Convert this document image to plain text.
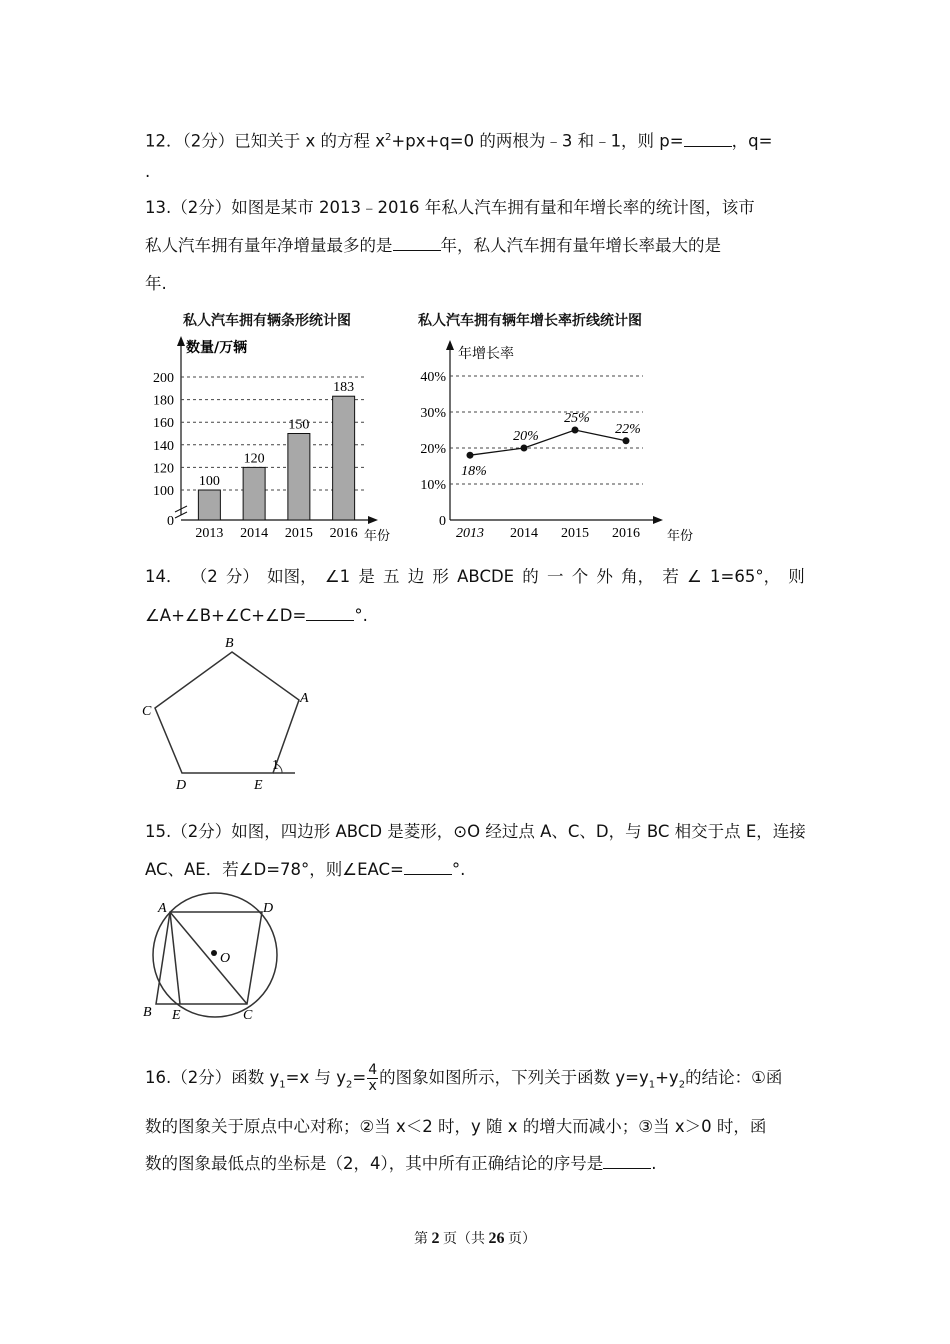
12．（2分）已知关于 x 的方程 $x^2+px+q=0$ 的两根为﹣3 和﹣1，则 p=	，q=
.
13.（2分）如图是某市 2013﹣2016 年私人汽车拥有量和年增长率的统计图，该市
私人汽车拥有量年净增量最多的是	年，私人汽车拥有量年增长率最大的是
年.
私人汽车拥有辆条形统计图
数量/万辆
年份
0
100
120
140
160
180
200
100
2013
120
2014
150
2015
183
2016
私人汽车拥有辆年增长率折线统计图
年增长率
年份
0
10%
20%
30%
40%
18%
2013
20%
2014
25%
2015
22%
2016
14． （2 分） 如图， ∠1 是 五 边 形 ABCDE 的 一 个 外 角， 若 ∠ 1=65°， 则
∠A+∠B+∠C+∠D=	°.
B
A
C
D	E
1
15.（2分）如图，四边形 ABCD 是菱形，⊙O 经过点 A、C、D，与 BC 相交于点 E，连接
AC、AE．若∠D=78°，则∠EAC=	°.
A	D
O
B E	C
16.（2分）函数 $y_1=x$ 与 $y_2= \frac{4}{x}$ 的图象如图所示，下列关于函数 $y=y_1+y_2$的结论：①函
数的图象关于原点中心对称；②当 x＜2 时，y 随 x 的增大而减小；③当 x＞0 时，函
数的图象最低点的坐标是（2，4），其中所有正确结论的序号是	.
第 2 页（共 26 页）
